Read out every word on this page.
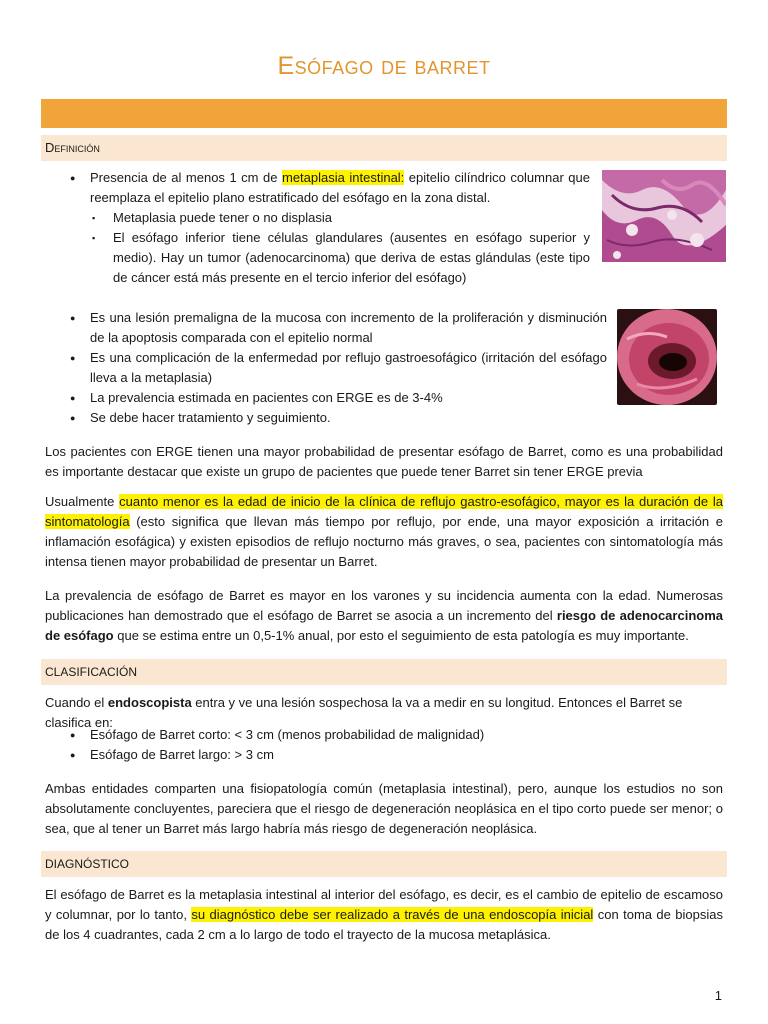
Esófago de barret
Definición
● Presencia de al menos 1 cm de metaplasia intestinal: epitelio cilíndrico columnar que reemplaza el epitelio plano estratificado del esófago en la zona distal.
▪ Metaplasia puede tener o no displasia
▪ El esófago inferior tiene células glandulares (ausentes en esófago superior y medio). Hay un tumor (adenocarcinoma) que deriva de estas glándulas (este tipo de cáncer está más presente en el tercio inferior del esófago)
● Es una lesión premaligna de la mucosa con incremento de la proliferación y disminución de la apoptosis comparada con el epitelio normal
● Es una complicación de la enfermedad por reflujo gastroesofágico (irritación del esófago lleva a la metaplasia)
● La prevalencia estimada en pacientes con ERGE es de 3-4%
● Se debe hacer tratamiento y seguimiento.
Los pacientes con ERGE tienen una mayor probabilidad de presentar esófago de Barret, como es una probabilidad es importante destacar que existe un grupo de pacientes que puede tener Barret sin tener ERGE previa
Usualmente cuanto menor es la edad de inicio de la clínica de reflujo gastro-esofágico, mayor es la duración de la sintomatología (esto significa que llevan más tiempo por reflujo, por ende, una mayor exposición a irritación e inflamación esofágica) y existen episodios de reflujo nocturno más graves, o sea, pacientes con sintomatología más intensa tienen mayor probabilidad de presentar un Barret.
La prevalencia de esófago de Barret es mayor en los varones y su incidencia aumenta con la edad. Numerosas publicaciones han demostrado que el esófago de Barret se asocia a un incremento del riesgo de adenocarcinoma de esófago que se estima entre un 0,5-1% anual, por esto el seguimiento de esta patología es muy importante.
CLASIFICACIÓN
Cuando el endoscopista entra y ve una lesión sospechosa la va a medir en su longitud. Entonces el Barret se clasifica en:
● Esófago de Barret corto: < 3 cm (menos probabilidad de malignidad)
● Esófago de Barret largo: > 3 cm
Ambas entidades comparten una fisiopatología común (metaplasia intestinal), pero, aunque los estudios no son absolutamente concluyentes, pareciera que el riesgo de degeneración neoplásica en el tipo corto puede ser menor; o sea, que al tener un Barret más largo habría más riesgo de degeneración neoplásica.
DIAGNÓSTICO
El esófago de Barret es la metaplasia intestinal al interior del esófago, es decir, es el cambio de epitelio de escamoso y columnar, por lo tanto, su diagnóstico debe ser realizado a través de una endoscopía inicial con toma de biopsias de los 4 cuadrantes, cada 2 cm a lo largo de todo el trayecto de la mucosa metaplásica.
1
